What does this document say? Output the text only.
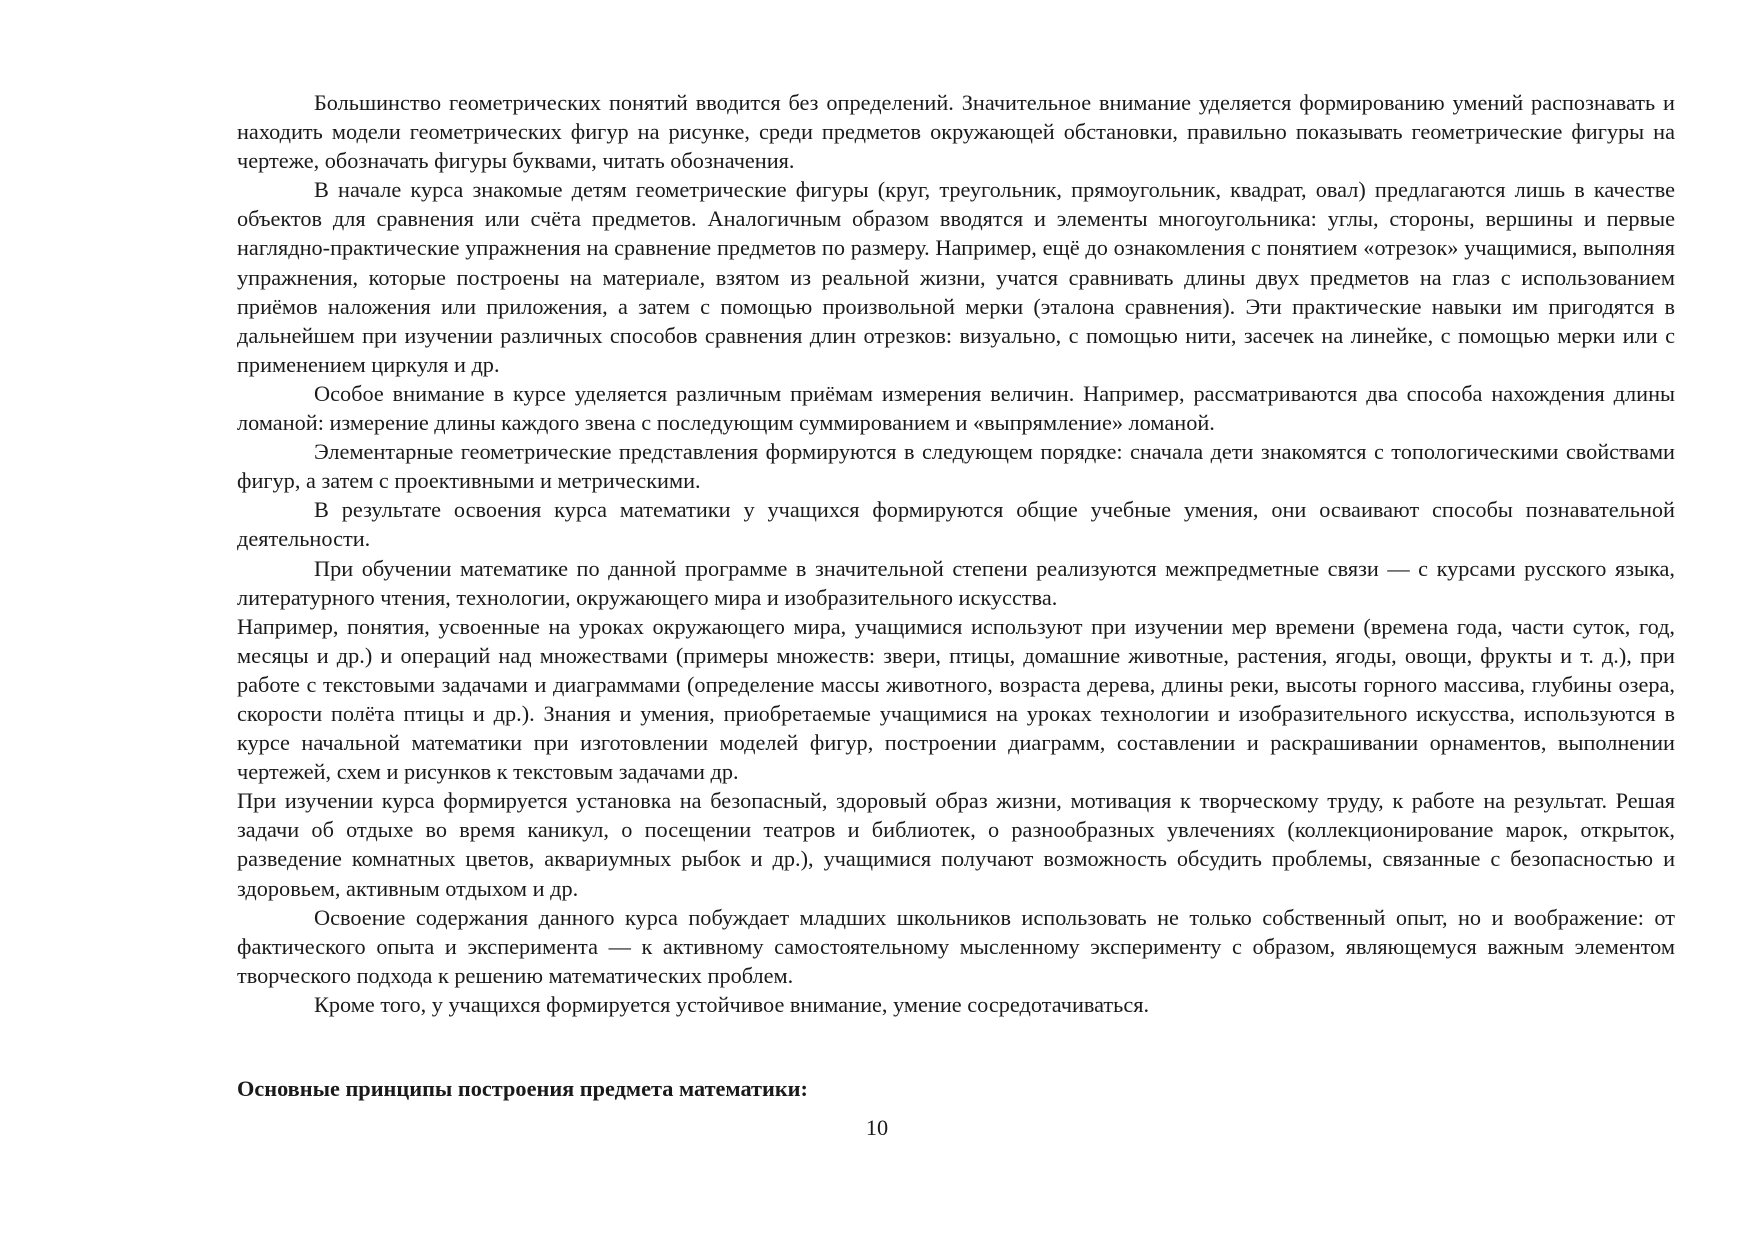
Большинство геометрических понятий вводится без определений. Значительное внимание уделяется формированию умений распознавать и находить модели геометрических фигур на рисунке, среди предметов окружающей обстановки, правильно показывать геометрические фигуры на чертеже, обозначать фигуры буквами, читать обозначения.

В начале курса знакомые детям геометрические фигуры (круг, треугольник, прямоугольник, квадрат, овал) предлагаются лишь в качестве объектов для сравнения или счёта предметов. Аналогичным образом вводятся и элементы многоугольника: углы, стороны, вершины и первые наглядно-практические упражнения на сравнение предметов по размеру. Например, ещё до ознакомления с понятием «отрезок» учащимися, выполняя упражнения, которые построены на материале, взятом из реальной жизни, учатся сравнивать длины двух предметов на глаз с использованием приёмов наложения или приложения, а затем с помощью произвольной мерки (эталона сравнения). Эти практические навыки им пригодятся в дальнейшем при изучении различных способов сравнения длин отрезков: визуально, с помощью нити, засечек на линейке, с помощью мерки или с применением циркуля и др.

Особое внимание в курсе уделяется различным приёмам измерения величин. Например, рассматриваются два способа нахождения длины ломаной: измерение длины каждого звена с последующим суммированием и «выпрямление» ломаной.

Элементарные геометрические представления формируются в следующем порядке: сначала дети знакомятся с топологическими свойствами фигур, а затем с проективными и метрическими.

В результате освоения курса математики у учащихся формируются общие учебные умения, они осваивают способы познавательной деятельности.

При обучении математике по данной программе в значительной степени реализуются межпредметные связи — с курсами русского языка, литературного чтения, технологии, окружающего мира и изобразительного искусства.

Например, понятия, усвоенные на уроках окружающего мира, учащимися используют при изучении мер времени (времена года, части суток, год, месяцы и др.) и операций над множествами (примеры множеств: звери, птицы, домашние животные, растения, ягоды, овощи, фрукты и т. д.), при работе с текстовыми задачами и диаграммами (определение массы животного, возраста дерева, длины реки, высоты горного массива, глубины озера, скорости полёта птицы и др.). Знания и умения, приобретаемые учащимися на уроках технологии и изобразительного искусства, используются в курсе начальной математики при изготовлении моделей фигур, построении диаграмм, составлении и раскрашивании орнаментов, выполнении чертежей, схем и рисунков к текстовым задачами др.

При изучении курса формируется установка на безопасный, здоровый образ жизни, мотивация к творческому труду, к работе на результат. Решая задачи об отдыхе во время каникул, о посещении театров и библиотек, о разнообразных увлечениях (коллекционирование марок, открыток, разведение комнатных цветов, аквариумных рыбок и др.), учащимися получают возможность обсудить проблемы, связанные с безопасностью и здоровьем, активным отдыхом и др.

Освоение содержания данного курса побуждает младших школьников использовать не только собственный опыт, но и воображение: от фактического опыта и эксперимента — к активному самостоятельному мысленному эксперименту с образом, являющемуся важным элементом творческого подхода к решению математических проблем.

Кроме того, у учащихся формируется устойчивое внимание, умение сосредотачиваться.

Основные принципы построения предмета математики:

10
